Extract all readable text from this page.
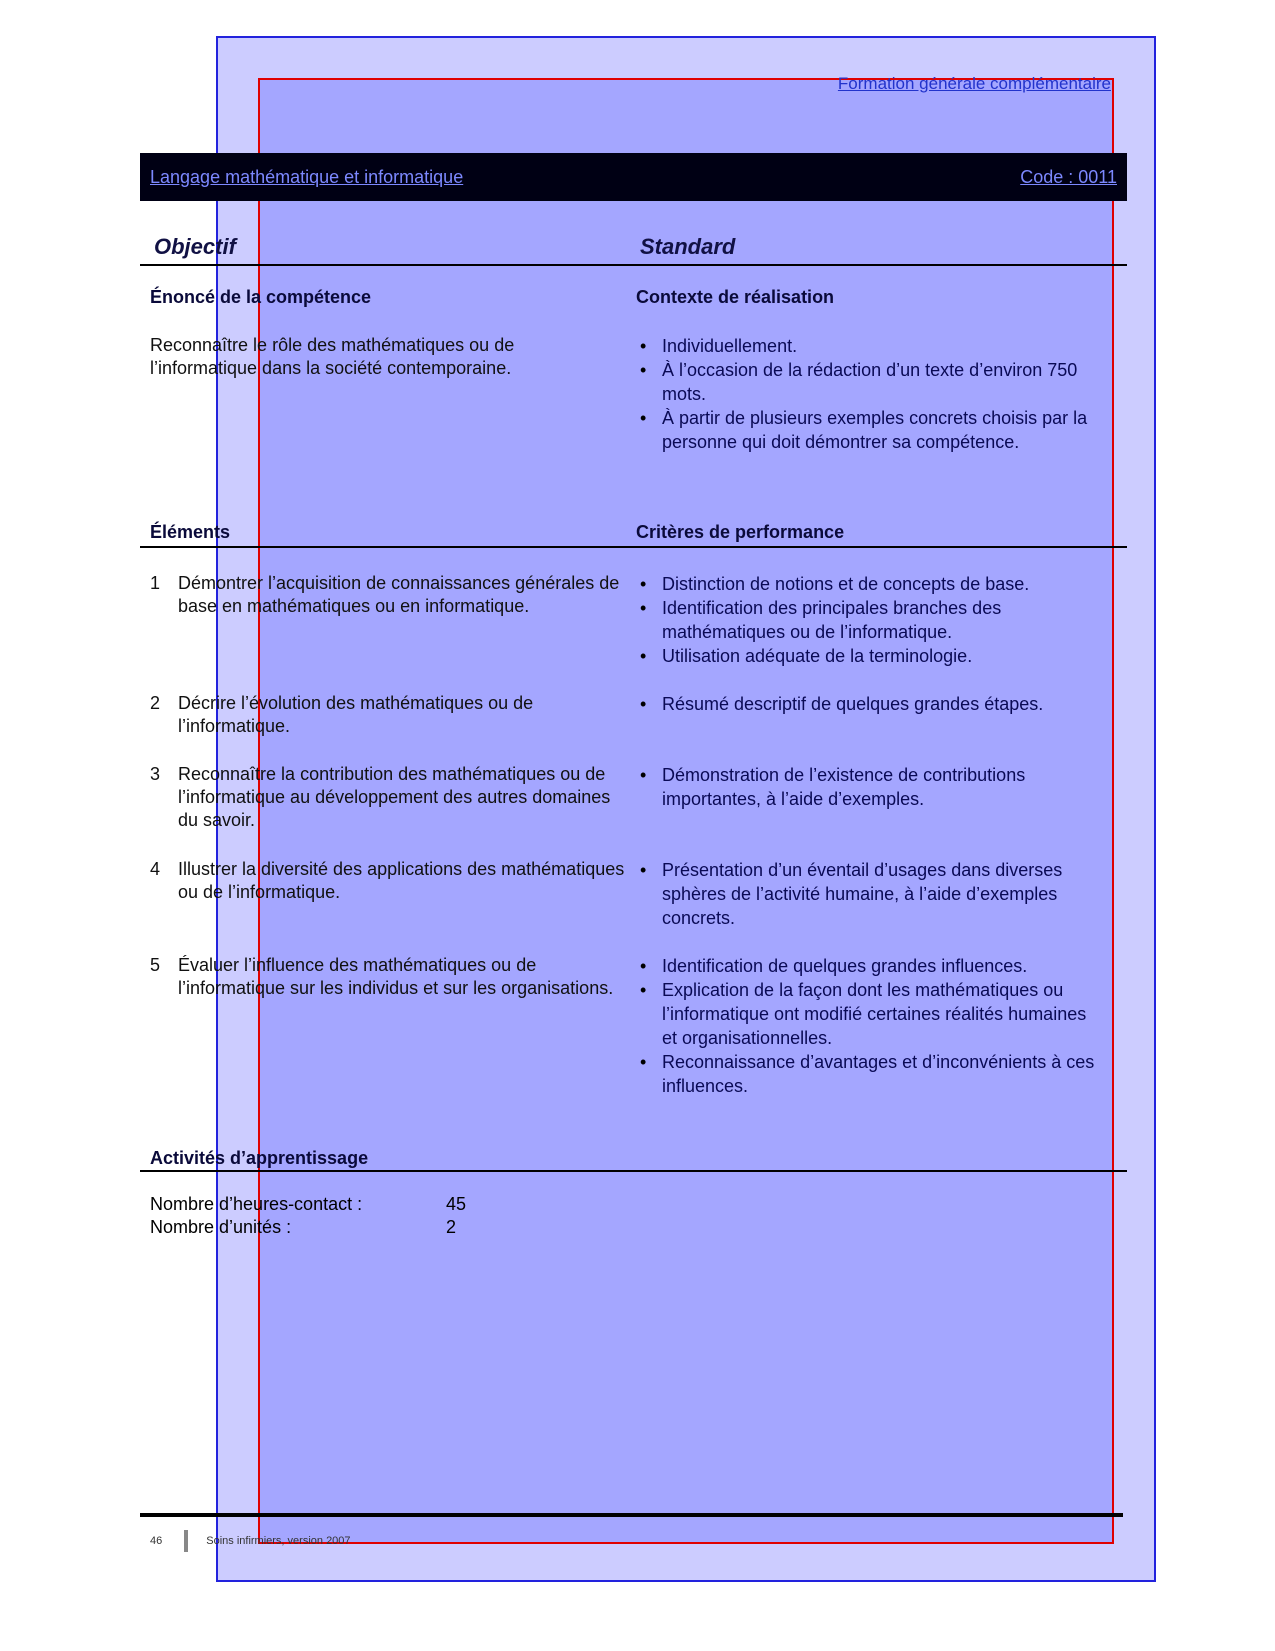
Formation générale complémentaire
Langage mathématique et informatique	Code : 0011
Objectif	Standard
Énoncé de la compétence	Contexte de réalisation
Reconnaître le rôle des mathématiques ou de
l’informatique dans la société contemporaine.
• Individuellement.
• À l’occasion de la rédaction d’un texte d’environ 750 mots.
• À partir de plusieurs exemples concrets choisis par la personne qui doit démontrer sa compétence.
Éléments	Critères de performance
1 Démontrer l’acquisition de connaissances générales de base en mathématiques ou en informatique.
• Distinction de notions et de concepts de base.
• Identification des principales branches des mathématiques ou de l’informatique.
• Utilisation adéquate de la terminologie.
2 Décrire l’évolution des mathématiques ou de l’informatique.
• Résumé descriptif de quelques grandes étapes.
3 Reconnaître la contribution des mathématiques ou de l’informatique au développement des autres domaines du savoir.
• Démonstration de l’existence de contributions importantes, à l’aide d’exemples.
4 Illustrer la diversité des applications des mathématiques ou de l’informatique.
• Présentation d’un éventail d’usages dans diverses sphères de l’activité humaine, à l’aide d’exemples concrets.
5 Évaluer l’influence des mathématiques ou de l’informatique sur les individus et sur les organisations.
• Identification de quelques grandes influences.
• Explication de la façon dont les mathématiques ou l’informatique ont modifié certaines réalités humaines et organisationnelles.
• Reconnaissance d’avantages et d’inconvénients à ces influences.
Activités d’apprentissage
Nombre d’heures-contact :	45
Nombre d’unités :	2
46	Soins infirmiers, version 2007
